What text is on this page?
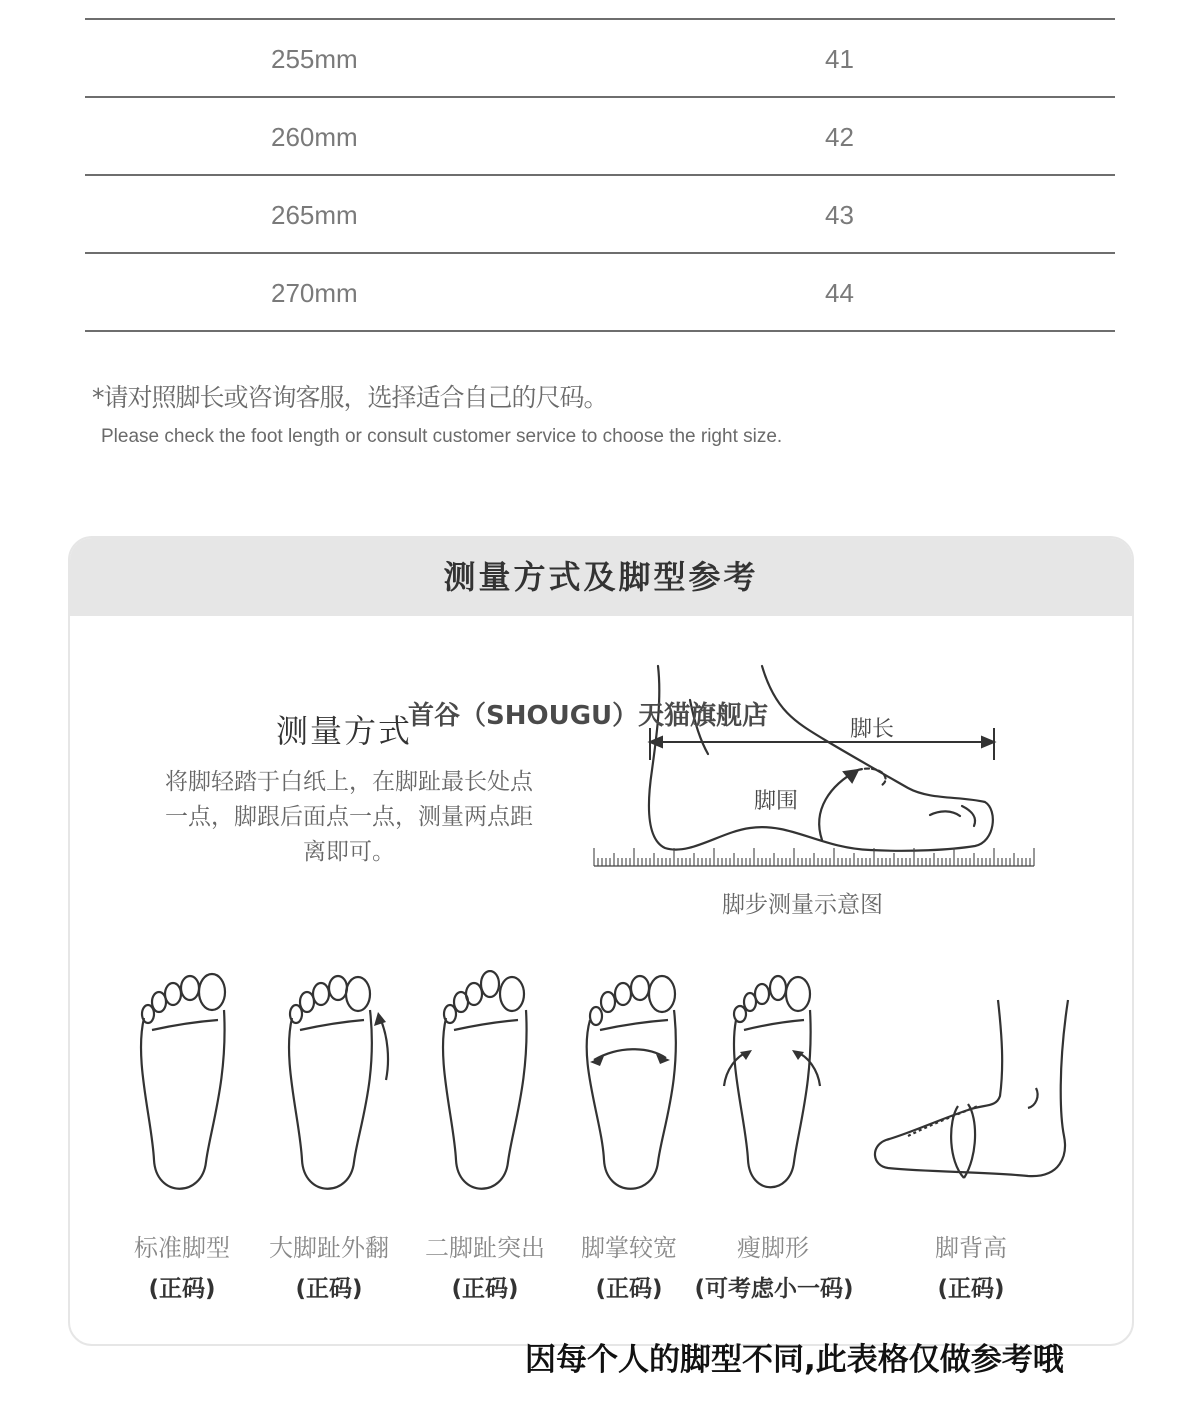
255mm	41
260mm	42
265mm	43
270mm	44
*请对照脚长或咨询客服，选择适合自己的尺码。
Please check the foot length or consult customer service to choose the right size.
测量方式及脚型参考
测量方式
将脚轻踏于白纸上，在脚趾最长处点一点，脚跟后面点一点，测量两点距离即可。
脚长
脚围
脚步测量示意图
首谷（SHOUGU）天猫旗舰店
标准脚型
(正码)
大脚趾外翻
(正码)
二脚趾突出
(正码)
脚掌较宽
(正码)
瘦脚形
(可考虑小一码)
脚背高
(正码)
因每个人的脚型不同,此表格仅做参考哦
